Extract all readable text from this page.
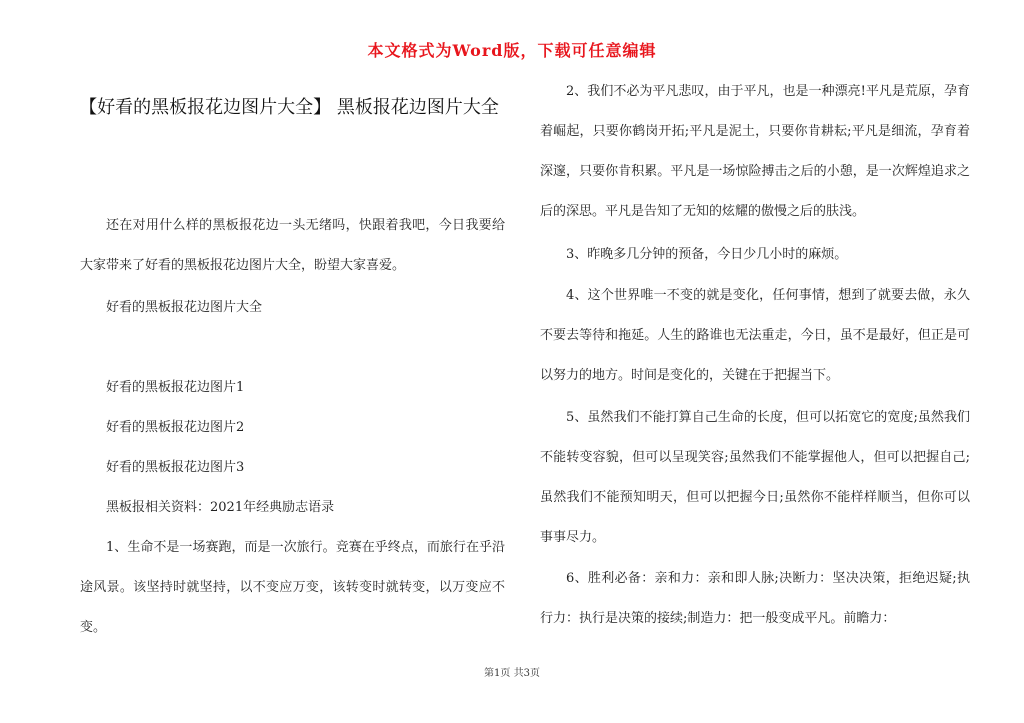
本文格式为Word版，下载可任意编辑
【好看的黑板报花边图片大全】 黑板报花边图片大全

还在对用什么样的黑板报花边一头无绪吗，快跟着我吧，今日我要给大家带来了好看的黑板报花边图片大全，盼望大家喜爱。

好看的黑板报花边图片大全

好看的黑板报花边图片1

好看的黑板报花边图片2

好看的黑板报花边图片3

黑板报相关资料：2021年经典励志语录

1、生命不是一场赛跑，而是一次旅行。竞赛在乎终点，而旅行在乎沿途风景。该坚持时就坚持，以不变应万变，该转变时就转变，以万变应不变。

2、我们不必为平凡悲叹，由于平凡，也是一种漂亮!平凡是荒原，孕育着崛起，只要你鹤岗开拓;平凡是泥土，只要你肯耕耘;平凡是细流，孕育着深邃，只要你肯积累。平凡是一场惊险搏击之后的小憩，是一次辉煌追求之后的深思。平凡是告知了无知的炫耀的傲慢之后的肤浅。

3、昨晚多几分钟的预备，今日少几小时的麻烦。

4、这个世界唯一不变的就是变化，任何事情，想到了就要去做，永久不要去等待和拖延。人生的路谁也无法重走，今日，虽不是最好，但正是可以努力的地方。时间是变化的，关键在于把握当下。

5、虽然我们不能打算自己生命的长度，但可以拓宽它的宽度;虽然我们不能转变容貌，但可以呈现笑容;虽然我们不能掌握他人，但可以把握自己;虽然我们不能预知明天，但可以把握今日;虽然你不能样样顺当，但你可以事事尽力。

6、胜利必备：亲和力：亲和即人脉;决断力：坚决决策，拒绝迟疑;执行力：执行是决策的接续;制造力：把一般变成平凡。前瞻力：

第1页 共3页
